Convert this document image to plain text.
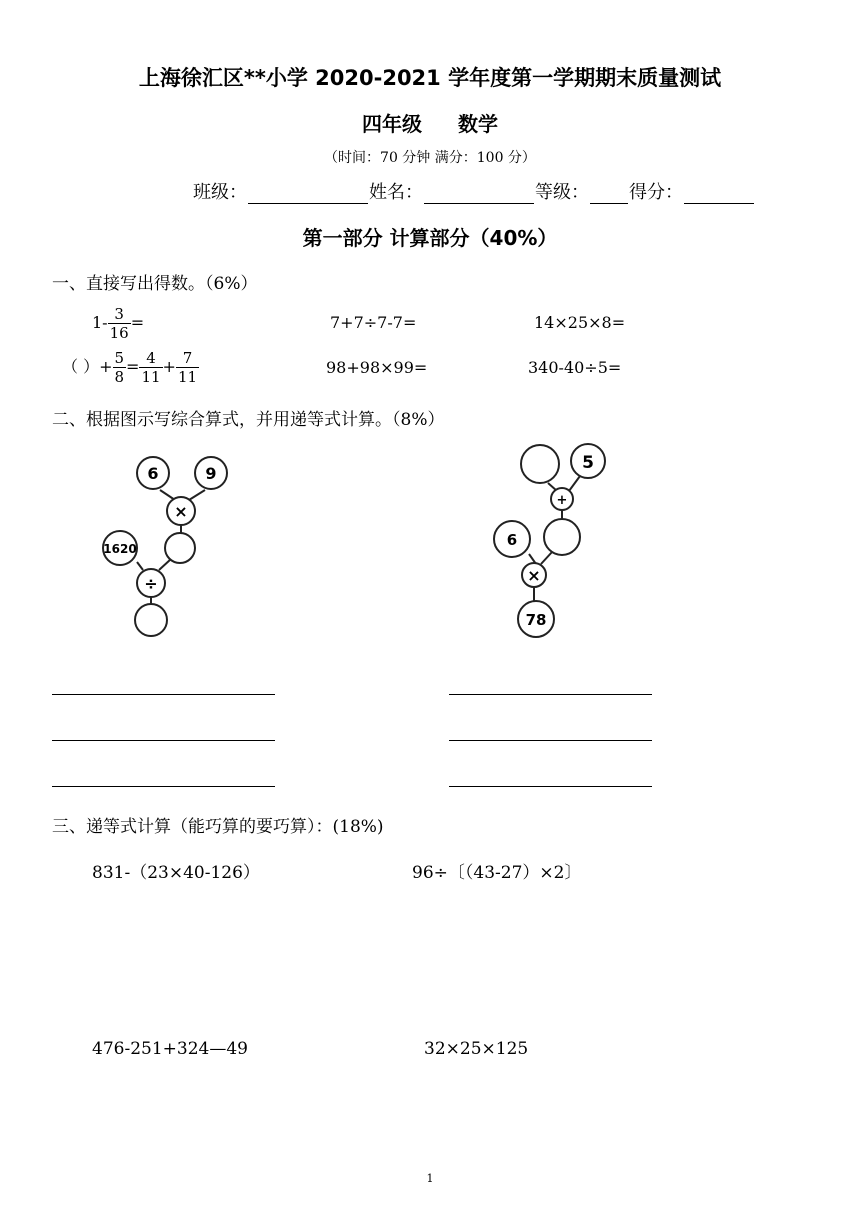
上海徐汇区**小学 2020-2021 学年度第一学期期末质量测试
四年级 数学
（时间：70 分钟 满分：100 分）
班级：	姓名：	等级： 得分：
第一部分 计算部分（40%）
一、直接写出得数。（6%）
$1- \frac{3}{16}$ =	7+7÷7-7=	14×25×8=
（ ）+ $\frac{5}{8} = \frac{4}{11} + \frac{7}{11}$	98+98×99=	340-40÷5=
二、根据图示写综合算式，并用递等式计算。（8%）
6	9
×
1620
÷
5
+
6
×
78
三、递等式计算（能巧算的要巧算）：(18%)
831-（23×40-126）	96÷〔（43-27）×2〕
476-251+324—49	32×25×125
1
